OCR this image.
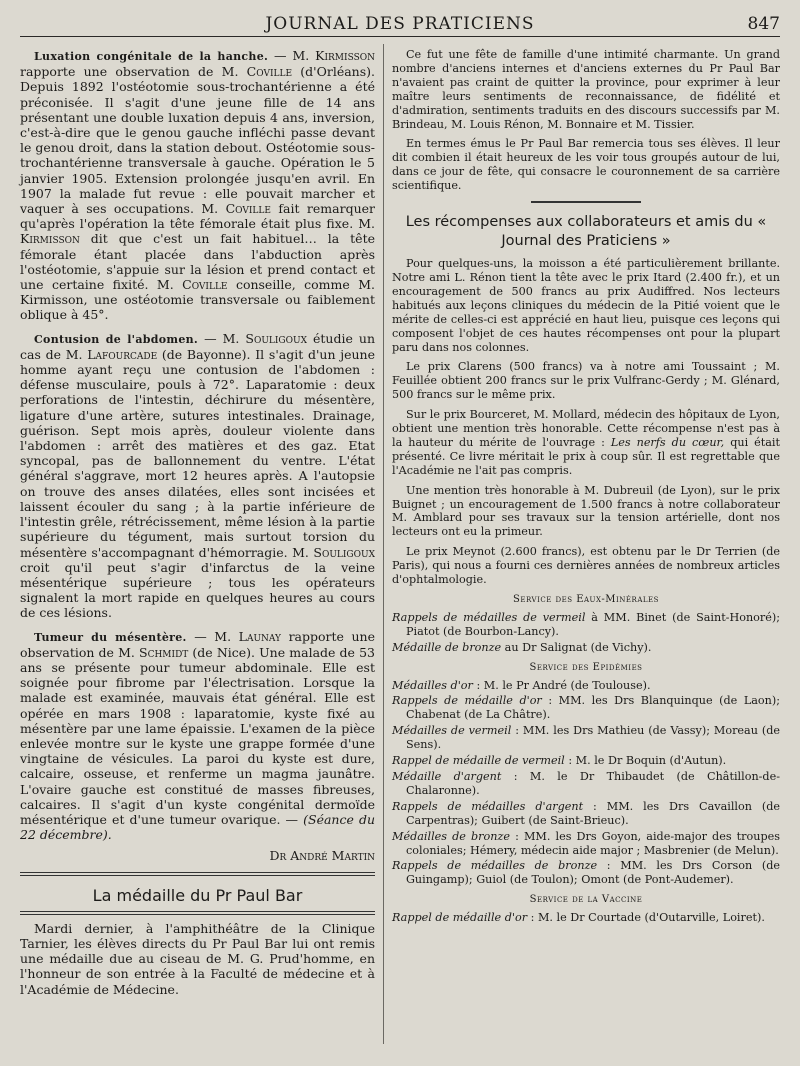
JOURNAL DES PRATICIENS	847

Luxation congénitale de la hanche. — M. Kirmisson rapporte une observation de M. Coville (d'Orléans). Depuis 1892 l'ostéotomie sous-trochantérienne a été préconisée. Il s'agit d'une jeune fille de 14 ans présentant une double luxation depuis 4 ans, inversion, c'est-à-dire que le genou gauche infléchi passe devant le genou droit, dans la station debout. Ostéotomie sous-trochantérienne transversale à gauche. Opération le 5 janvier 1905. Extension prolongée jusqu'en avril. En 1907 la malade fut revue : elle pouvait marcher et vaquer à ses occupations. M. Coville fait remarquer qu'après l'opération la tête fémorale était plus fixe. M. Kirmisson dit que c'est un fait habituel… la tête fémorale étant placée dans l'abduction après l'ostéotomie, s'appuie sur la lésion et prend contact et une certaine fixité. M. Coville conseille, comme M. Kirmisson, une ostéotomie transversale ou faiblement oblique à 45°.

Contusion de l'abdomen. — M. Souligoux étudie un cas de M. Lafourcade (de Bayonne). Il s'agit d'un jeune homme ayant reçu une contusion de l'abdomen : défense musculaire, pouls à 72°. Laparatomie : deux perforations de l'intestin, déchirure du mésentère, ligature d'une artère, sutures intestinales. Drainage, guérison. Sept mois après, douleur violente dans l'abdomen : arrêt des matières et des gaz. Etat syncopal, pas de ballonnement du ventre. L'état général s'aggrave, mort 12 heures après. A l'autopsie on trouve des anses dilatées, elles sont incisées et laissent écouler du sang ; à la partie inférieure de l'intestin grêle, rétrécissement, même lésion à la partie supérieure du tégument, mais surtout torsion du mésentère s'accompagnant d'hémorragie. M. Souligoux croit qu'il peut s'agir d'infarctus de la veine mésentérique supérieure ; tous les opérateurs signalent la mort rapide en quelques heures au cours de ces lésions.

Tumeur du mésentère. — M. Launay rapporte une observation de M. Schmidt (de Nice). Une malade de 53 ans se présente pour tumeur abdominale. Elle est soignée pour fibrome par l'électrisation. Lorsque la malade est examinée, mauvais état général. Elle est opérée en mars 1908 : laparatomie, kyste fixé au mésentère par une lame épaissie. L'examen de la pièce enlevée montre sur le kyste une grappe formée d'une vingtaine de vésicules. La paroi du kyste est dure, calcaire, osseuse, et renferme un magma jaunâtre. L'ovaire gauche est constitué de masses fibreuses, calcaires. Il s'agit d'un kyste congénital dermoïde mésentérique et d'une tumeur ovarique. — (Séance du 22 décembre).

Dr André Martin

La médaille du Pr Paul Bar

Mardi dernier, à l'amphithéâtre de la Clinique Tarnier, les élèves directs du Pr Paul Bar lui ont remis une médaille due au ciseau de M. G. Prud'homme, en l'honneur de son entrée à la Faculté de médecine et à l'Académie de Médecine.

Ce fut une fête de famille d'une intimité charmante. Un grand nombre d'anciens internes et d'anciens externes du Pr Paul Bar n'avaient pas craint de quitter la province, pour exprimer à leur maître leurs sentiments de reconnaissance, de fidélité et d'admiration, sentiments traduits en des discours successifs par M. Brindeau, M. Louis Rénon, M. Bonnaire et M. Tissier.

En termes émus le Pr Paul Bar remercia tous ses élèves. Il leur dit combien il était heureux de les voir tous groupés autour de lui, dans ce jour de fête, qui consacre le couronnement de sa carrière scientifique.

Les récompenses aux collaborateurs et amis du « Journal des Praticiens »

Pour quelques-uns, la moisson a été particulièrement brillante. Notre ami L. Rénon tient la tête avec le prix Itard (2.400 fr.), et un encouragement de 500 francs au prix Audiffred. Nos lecteurs habitués aux leçons cliniques du médecin de la Pitié voient que le mérite de celles-ci est apprécié en haut lieu, puisque ces leçons qui composent l'objet de ces hautes récompenses ont pour la plupart paru dans nos colonnes.

Le prix Clarens (500 francs) va à notre ami Toussaint ; M. Feuillée obtient 200 francs sur le prix Vulfranc-Gerdy ; M. Glénard, 500 francs sur le même prix.

Sur le prix Bourceret, M. Mollard, médecin des hôpitaux de Lyon, obtient une mention très honorable. Cette récompense n'est pas à la hauteur du mérite de l'ouvrage : Les nerfs du cœur, qui était présenté. Ce livre méritait le prix à coup sûr. Il est regrettable que l'Académie ne l'ait pas compris.

Une mention très honorable à M. Dubreuil (de Lyon), sur le prix Buignet ; un encouragement de 1.500 francs à notre collaborateur M. Amblard pour ses travaux sur la tension artérielle, dont nos lecteurs ont eu la primeur.

Le prix Meynot (2.600 francs), est obtenu par le Dr Terrien (de Paris), qui nous a fourni ces dernières années de nombreux articles d'ophtalmologie.

Service des Eaux-Minérales

Rappels de médailles de vermeil à MM. Binet (de Saint-Honoré); Piatot (de Bourbon-Lancy).

Médaille de bronze au Dr Salignat (de Vichy).

Service des Epidémies

Médailles d'or : M. le Pr André (de Toulouse).

Rappels de médaille d'or : MM. les Drs Blanquinque (de Laon); Chabenat (de La Châtre).

Médailles de vermeil : MM. les Drs Mathieu (de Vassy); Moreau (de Sens).

Rappel de médaille de vermeil : M. le Dr Boquin (d'Autun).

Médaille d'argent : M. le Dr Thibaudet (de Châtillon-de-Chalaronne).

Rappels de médailles d'argent : MM. les Drs Cavaillon (de Carpentras); Guibert (de Saint-Brieuc).

Médailles de bronze : MM. les Drs Goyon, aide-major des troupes coloniales; Hémery, médecin aide major ; Masbrenier (de Melun).

Rappels de médailles de bronze : MM. les Drs Corson (de Guingamp); Guiol (de Toulon); Omont (de Pont-Audemer).

Service de la Vaccine

Rappel de médaille d'or : M. le Dr Courtade (d'Outarville, Loiret).
